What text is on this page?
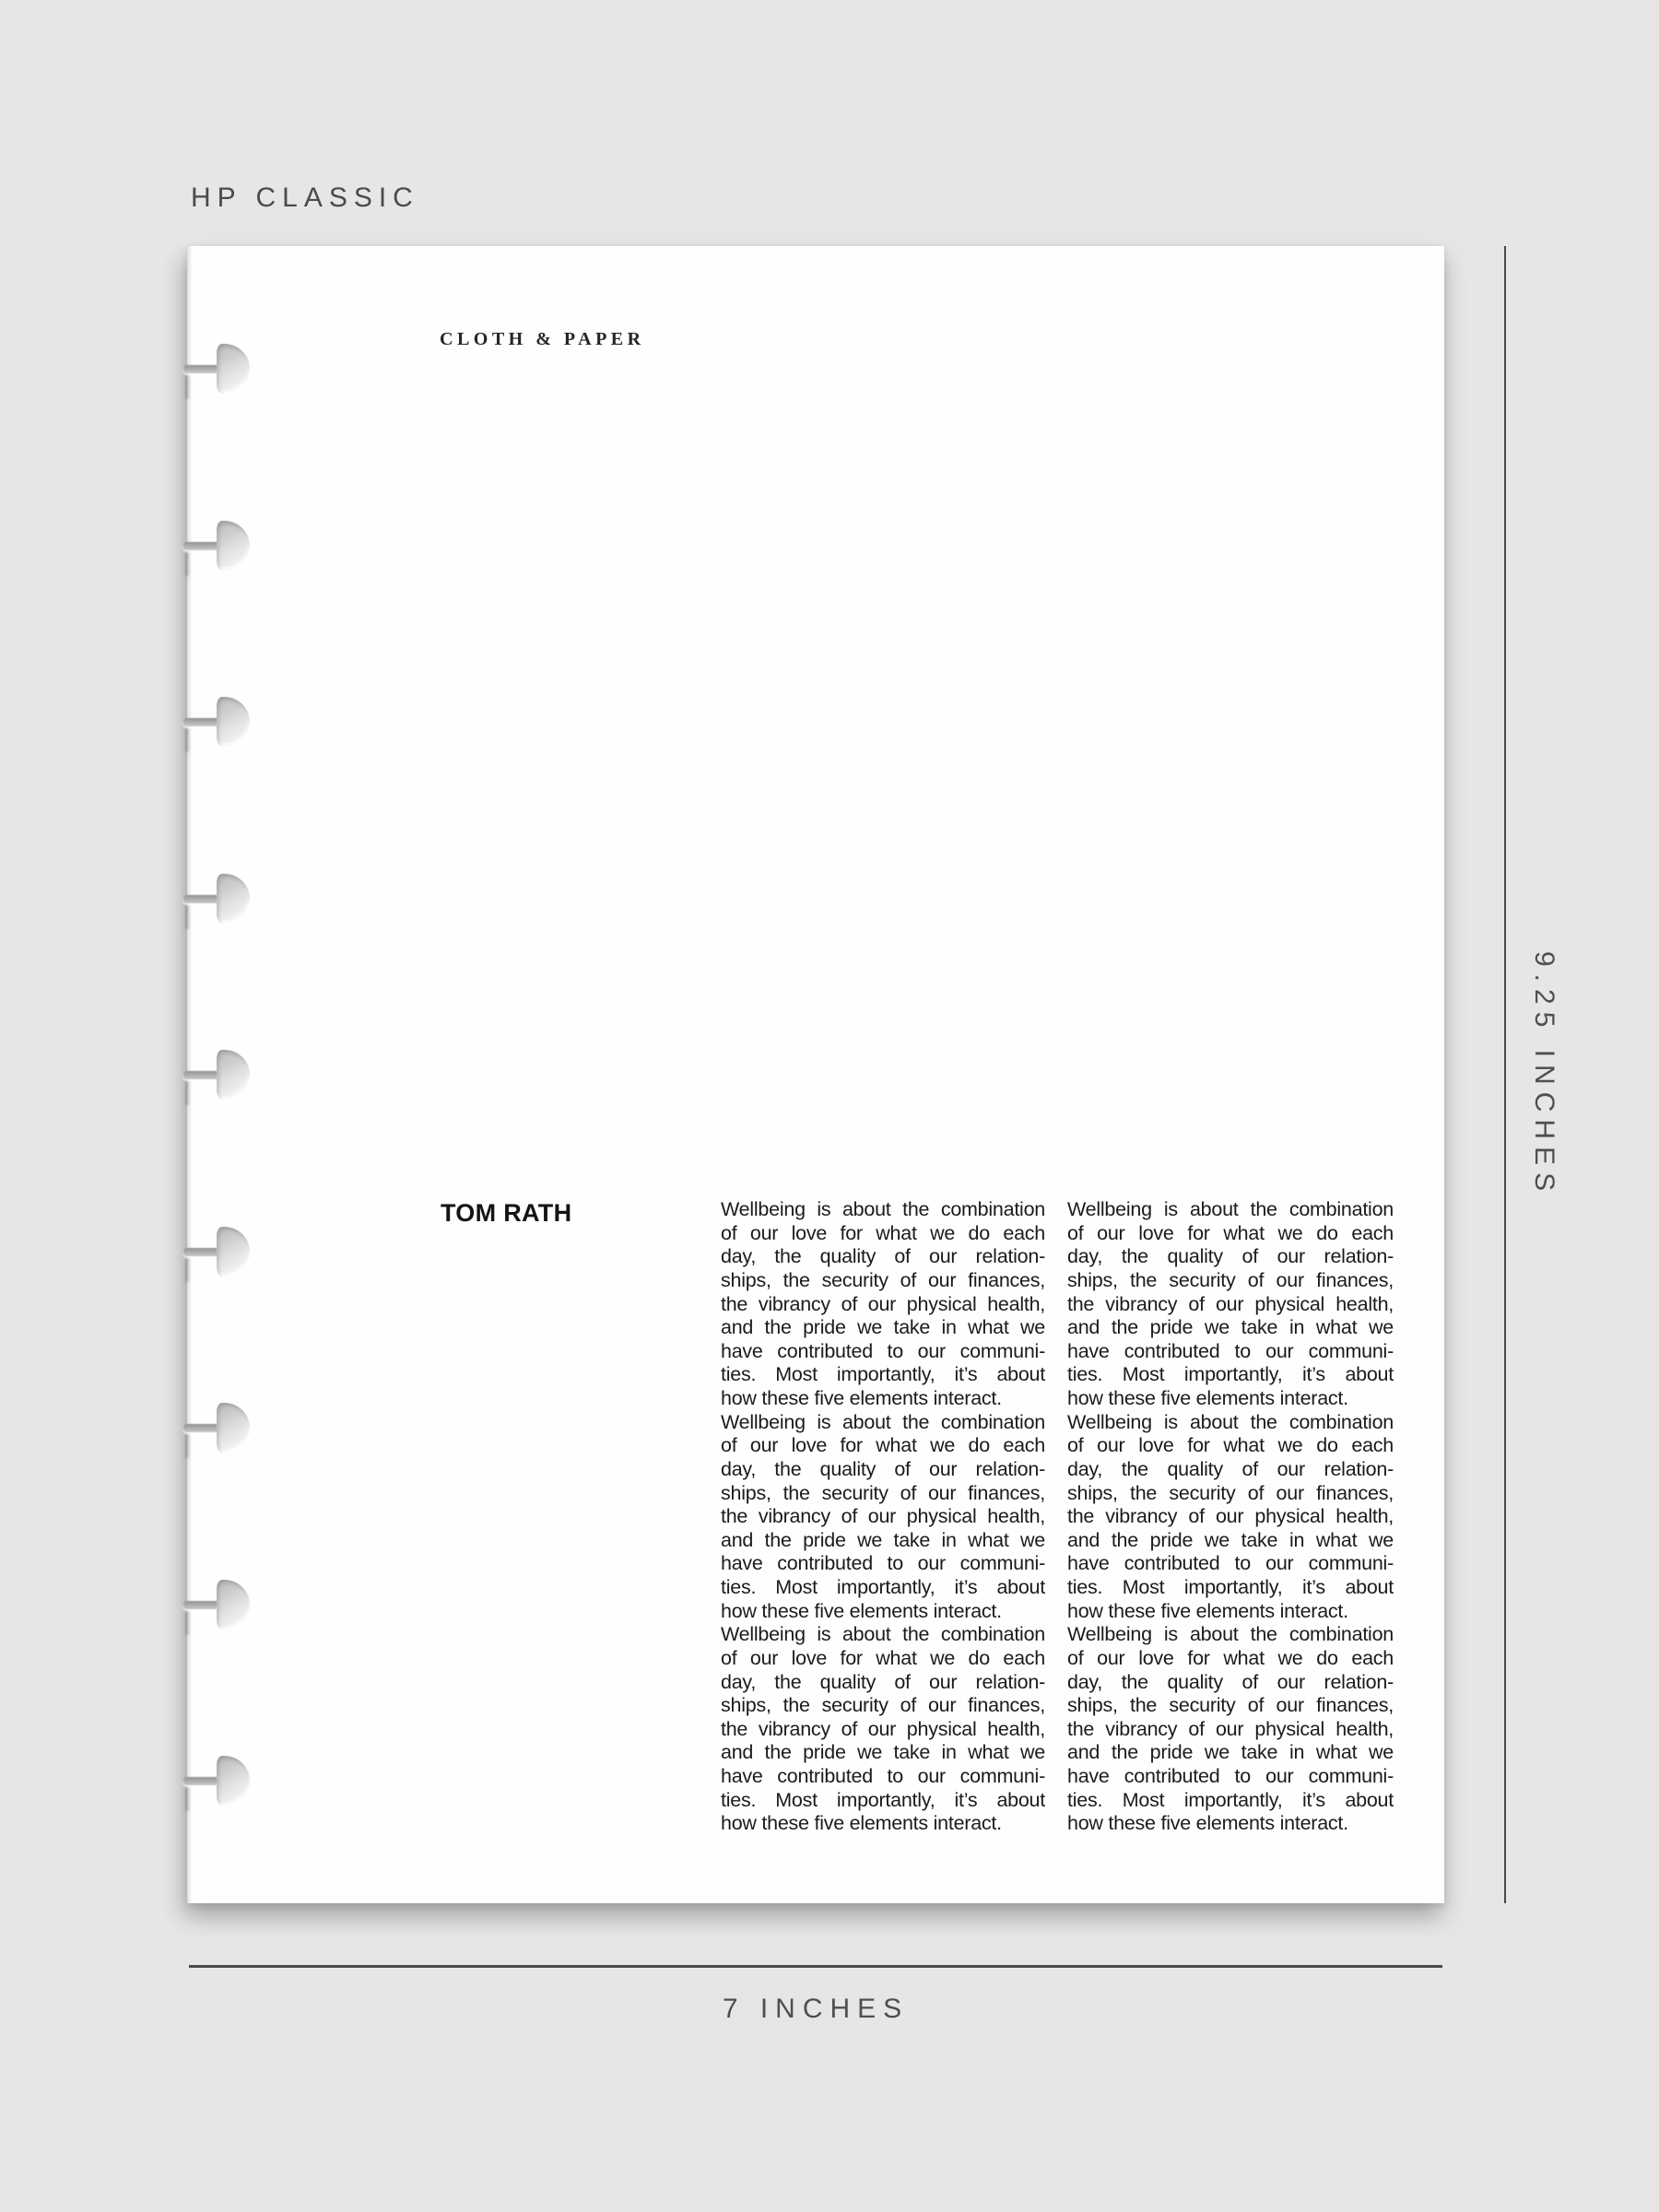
HP CLASSIC
CLOTH & PAPER
TOM RATH	Wellbeing is about the combination
of our love for what we do each
day, the quality of our relation-
ships, the security of our finances,
the vibrancy of our physical health,
and the pride we take in what we
have contributed to our communi-
ties. Most importantly, it’s about
how these five elements interact.
Wellbeing is about the combination
of our love for what we do each
day, the quality of our relation-
ships, the security of our finances,
the vibrancy of our physical health,
and the pride we take in what we
have contributed to our communi-
ties. Most importantly, it’s about
how these five elements interact.
Wellbeing is about the combination
of our love for what we do each
day, the quality of our relation-
ships, the security of our finances,
the vibrancy of our physical health,
and the pride we take in what we
have contributed to our communi-
ties. Most importantly, it’s about
how these five elements interact.
Wellbeing is about the combination
of our love for what we do each
day, the quality of our relation-
ships, the security of our finances,
the vibrancy of our physical health,
and the pride we take in what we
have contributed to our communi-
ties. Most importantly, it’s about
how these five elements interact.
Wellbeing is about the combination
of our love for what we do each
day, the quality of our relation-
ships, the security of our finances,
the vibrancy of our physical health,
and the pride we take in what we
have contributed to our communi-
ties. Most importantly, it’s about
how these five elements interact.
Wellbeing is about the combination
of our love for what we do each
day, the quality of our relation-
ships, the security of our finances,
the vibrancy of our physical health,
and the pride we take in what we
have contributed to our communi-
ties. Most importantly, it’s about
how these five elements interact.
9.25 INCHES
7 INCHES
